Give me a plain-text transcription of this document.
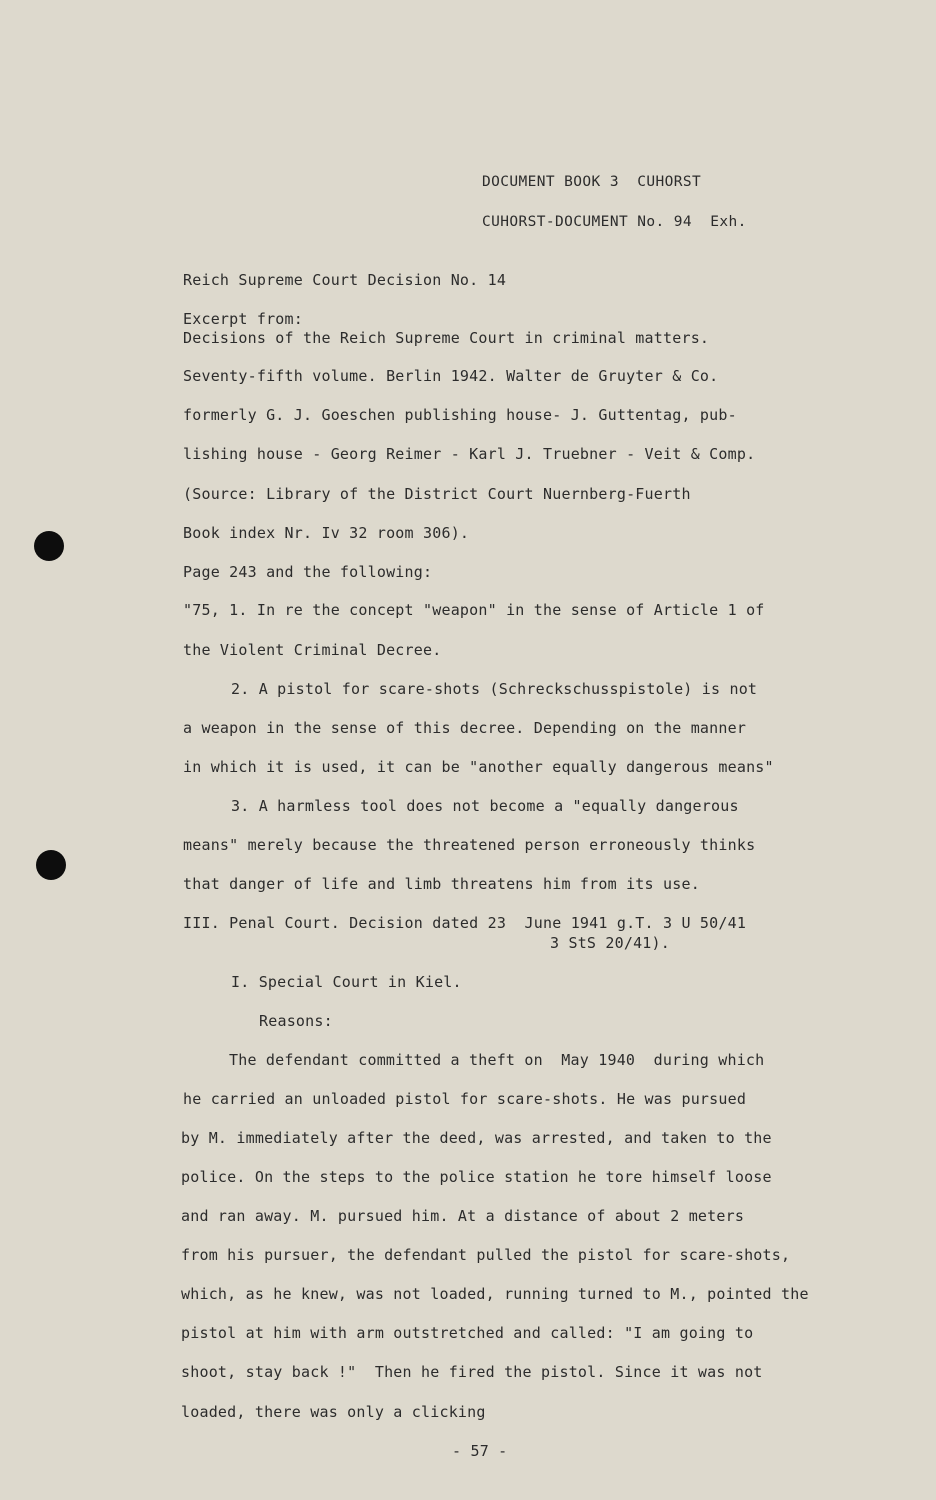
DOCUMENT BOOK 3  CUHORST
CUHORST-DOCUMENT No. 94  Exh.
Reich Supreme Court Decision No. 14
Excerpt from:
Decisions of the Reich Supreme Court in criminal matters.
Seventy-fifth volume. Berlin 1942. Walter de Gruyter & Co.
formerly G. J. Goeschen publishing house- J. Guttentag, pub-
lishing house - Georg Reimer - Karl J. Truebner - Veit & Comp.
(Source: Library of the District Court Nuernberg-Fuerth
Book index Nr. Iv 32 room 306).
Page 243 and the following:
"75, 1. In re the concept "weapon" in the sense of Article 1 of
the Violent Criminal Decree.
2. A pistol for scare-shots (Schreckschusspistole) is not
a weapon in the sense of this decree. Depending on the manner
in which it is used, it can be "another equally dangerous means"
3. A harmless tool does not become a "equally dangerous
means" merely because the threatened person erroneously thinks
that danger of life and limb threatens him from its use.
III. Penal Court. Decision dated 23  June 1941 g.T. 3 U 50/41
3 StS 20/41).
I. Special Court in Kiel.
Reasons:
The defendant committed a theft on  May 1940  during which
he carried an unloaded pistol for scare-shots. He was pursued
by M. immediately after the deed, was arrested, and taken to the
police. On the steps to the police station he tore himself loose
and ran away. M. pursued him. At a distance of about 2 meters
from his pursuer, the defendant pulled the pistol for scare-shots,
which, as he knew, was not loaded, running turned to M., pointed the
pistol at him with arm outstretched and called: "I am going to
shoot, stay back !"  Then he fired the pistol. Since it was not
loaded, there was only a clicking
- 57 -
